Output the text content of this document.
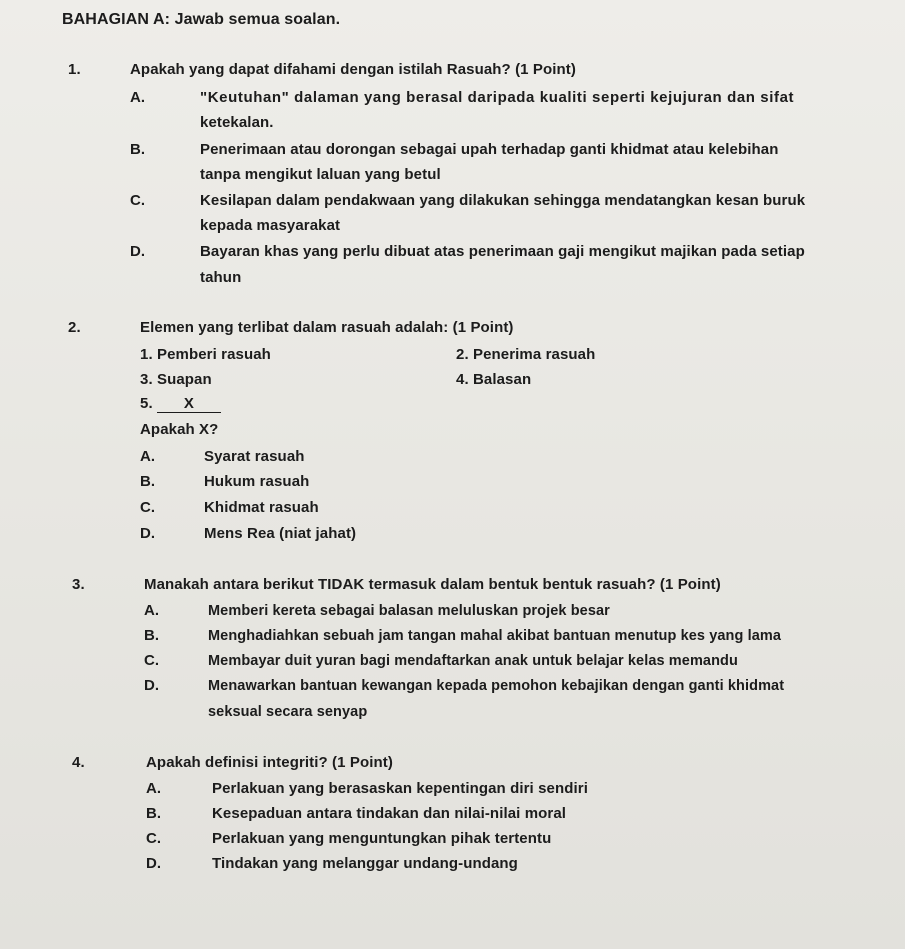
BAHAGIAN A: Jawab semua soalan.
1.	Apakah yang dapat difahami dengan istilah Rasuah? (1 Point)
A.	"Keutuhan" dalaman yang berasal daripada kualiti seperti kejujuran dan sifat
ketekalan.
B.	Penerimaan atau dorongan sebagai upah terhadap ganti khidmat atau kelebihan
tanpa mengikut laluan yang betul
C.	Kesilapan dalam pendakwaan yang dilakukan sehingga mendatangkan kesan buruk
kepada masyarakat
D.	Bayaran khas yang perlu dibuat atas penerimaan gaji mengikut majikan pada setiap
tahun
2.	Elemen yang terlibat dalam rasuah adalah: (1 Point)
1. Pemberi rasuah	2. Penerima rasuah
3. Suapan	4. Balasan
5. X
Apakah X?
A.	Syarat rasuah
B.	Hukum rasuah
C.	Khidmat rasuah
D.	Mens Rea (niat jahat)
3.	Manakah antara berikut TIDAK termasuk dalam bentuk bentuk rasuah? (1 Point)
A.	Memberi kereta sebagai balasan meluluskan projek besar
B.	Menghadiahkan sebuah jam tangan mahal akibat bantuan menutup kes yang lama
C.	Membayar duit yuran bagi mendaftarkan anak untuk belajar kelas memandu
D.	Menawarkan bantuan kewangan kepada pemohon kebajikan dengan ganti khidmat
seksual secara senyap
4.	Apakah definisi integriti? (1 Point)
A.	Perlakuan yang berasaskan kepentingan diri sendiri
B.	Kesepaduan antara tindakan dan nilai-nilai moral
C.	Perlakuan yang menguntungkan pihak tertentu
D.	Tindakan yang melanggar undang-undang
